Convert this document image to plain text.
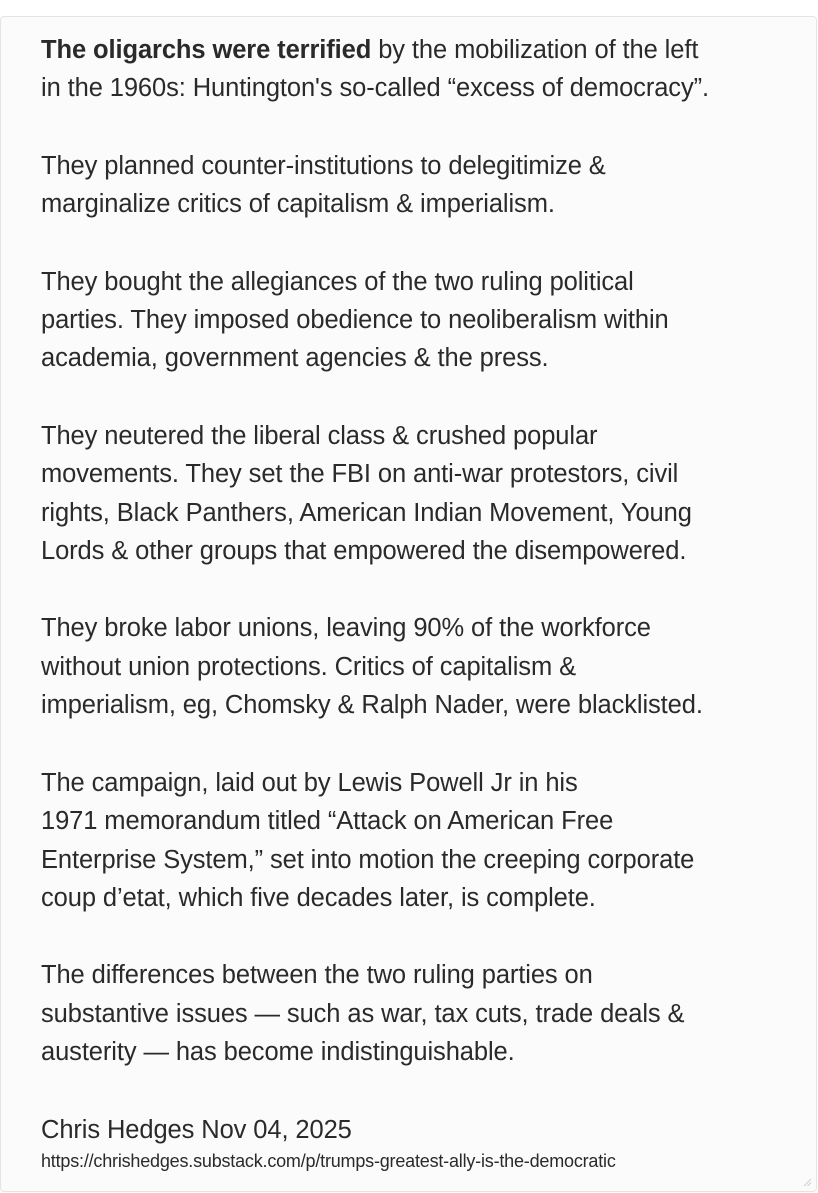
The oligarchs were terrified by the mobilization of the left
in the 1960s: Huntington's so-called “excess of democracy”.

They planned counter-institutions to delegitimize &
marginalize critics of capitalism & imperialism.

They bought the allegiances of the two ruling political
parties. They imposed obedience to neoliberalism within
academia, government agencies & the press.

They neutered the liberal class & crushed popular
movements. They set the FBI on anti-war protestors, civil
rights, Black Panthers, American Indian Movement, Young
Lords & other groups that empowered the disempowered.

They broke labor unions, leaving 90% of the workforce
without union protections. Critics of capitalism &
imperialism, eg, Chomsky & Ralph Nader, were blacklisted.

The campaign, laid out by Lewis Powell Jr in his
1971 memorandum titled “Attack on American Free
Enterprise System,” set into motion the creeping corporate
coup d’etat, which five decades later, is complete.

The differences between the two ruling parties on
substantive issues — such as war, tax cuts, trade deals &
austerity — has become indistinguishable.

Chris Hedges Nov 04, 2025

https://chrishedges.substack.com/p/trumps-greatest-ally-is-the-democratic
